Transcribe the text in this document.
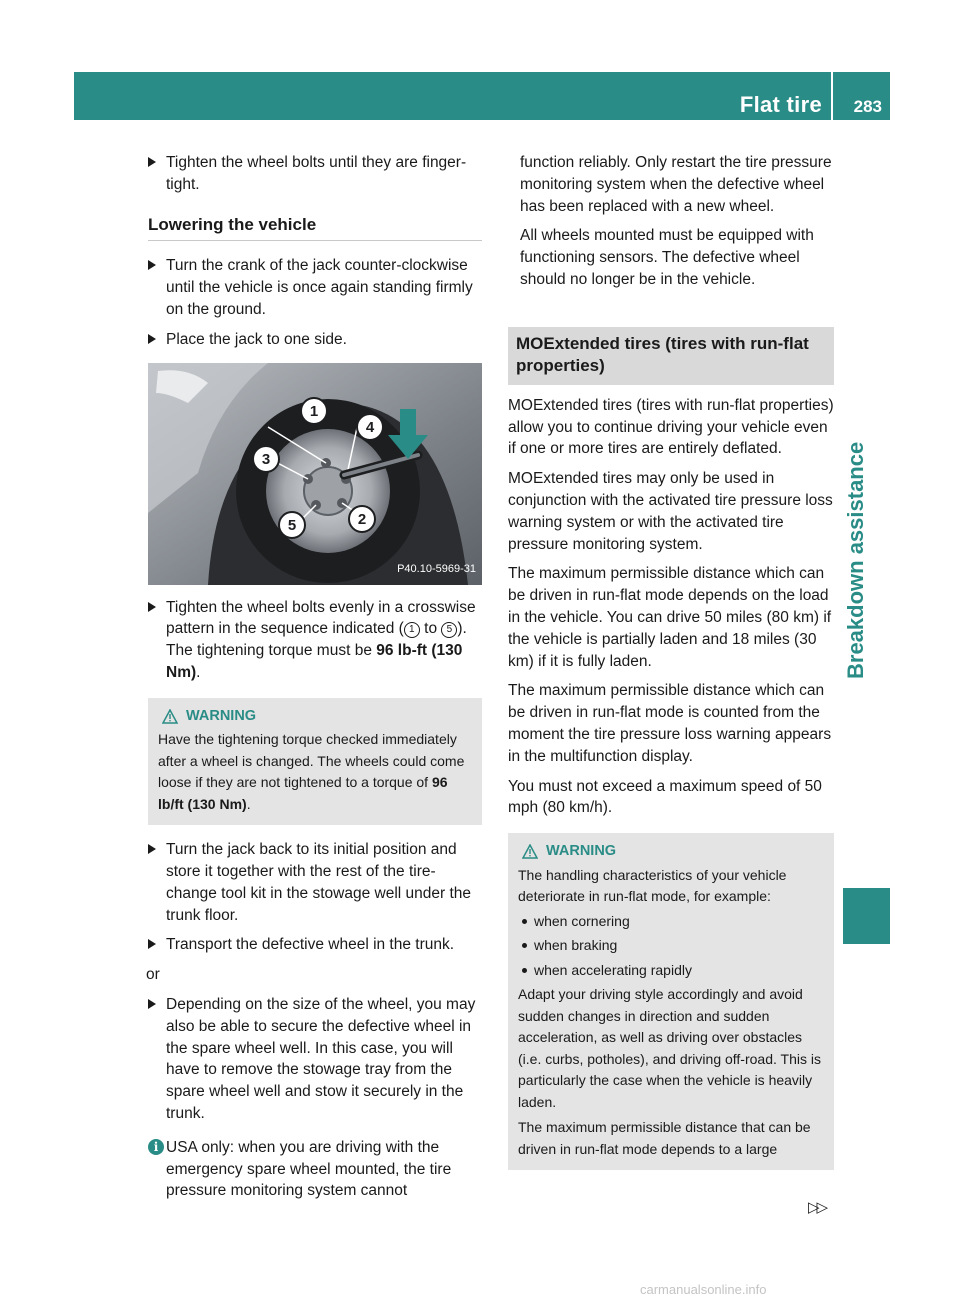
Flat tire 283
Breakdown assistance
Tighten the wheel bolts until they are finger-tight.
Lowering the vehicle
Turn the crank of the jack counter-clockwise until the vehicle is once again standing firmly on the ground.
Place the jack to one side.
1
2
3
4
5
P40.10-5969-31
Tighten the wheel bolts evenly in a crosswise pattern in the sequence indicated ( 1 to 5 ). The tightening torque must be 96 lb-ft (130 Nm).
WARNING
Have the tightening torque checked immediately after a wheel is changed. The wheels could come loose if they are not tightened to a torque of 96 lb/ft (130 Nm).
Turn the jack back to its initial position and store it together with the rest of the tire-change tool kit in the stowage well under the trunk floor.
Transport the defective wheel in the trunk.
or
Depending on the size of the wheel, you may also be able to secure the defective wheel in the spare wheel well. In this case, you will have to remove the stowage tray from the spare wheel well and stow it securely in the trunk.
i USA only: when you are driving with the emergency spare wheel mounted, the tire pressure monitoring system cannot
function reliably. Only restart the tire pressure monitoring system when the defective wheel has been replaced with a new wheel.
All wheels mounted must be equipped with functioning sensors. The defective wheel should no longer be in the vehicle.
MOExtended tires (tires with run-flat properties)
MOExtended tires (tires with run-flat properties) allow you to continue driving your vehicle even if one or more tires are entirely deflated.
MOExtended tires may only be used in conjunction with the activated tire pressure loss warning system or with the activated tire pressure monitoring system.
The maximum permissible distance which can be driven in run-flat mode depends on the load in the vehicle. You can drive 50 miles (80 km) if the vehicle is partially laden and 18 miles (30 km) if it is fully laden.
The maximum permissible distance which can be driven in run-flat mode is counted from the moment the tire pressure loss warning appears in the multifunction display.
You must not exceed a maximum speed of 50 mph (80 km/h).
WARNING
The handling characteristics of your vehicle deteriorate in run-flat mode, for example:
when cornering
when braking
when accelerating rapidly
Adapt your driving style accordingly and avoid sudden changes in direction and sudden acceleration, as well as driving over obstacles (i.e. curbs, potholes), and driving off-road. This is particularly the case when the vehicle is heavily laden.
The maximum permissible distance that can be driven in run-flat mode depends to a large
▷▷
carmanualsonline.info
